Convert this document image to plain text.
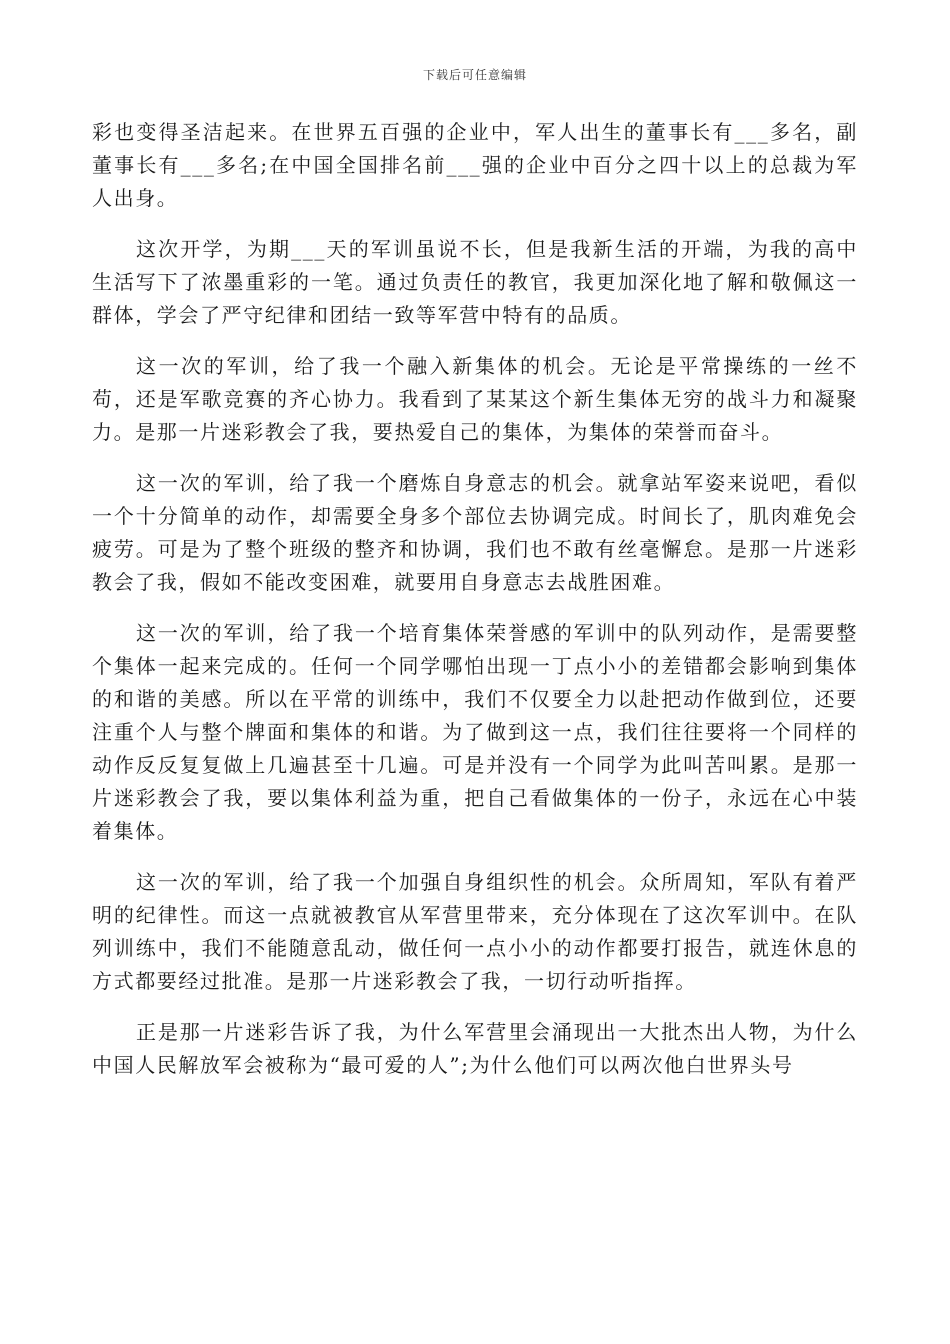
下载后可任意编辑

彩也变得圣洁起来。在世界五百强的企业中，军人出生的董事长有___多名，副董事长有___多名;在中国全国排名前___强的企业中百分之四十以上的总裁为军人出身。

这次开学，为期___天的军训虽说不长，但是我新生活的开端，为我的高中生活写下了浓墨重彩的一笔。通过负责任的教官，我更加深化地了解和敬佩这一群体，学会了严守纪律和团结一致等军营中特有的品质。

这一次的军训，给了我一个融入新集体的机会。无论是平常操练的一丝不苟，还是军歌竞赛的齐心协力。我看到了某某这个新生集体无穷的战斗力和凝聚力。是那一片迷彩教会了我，要热爱自己的集体，为集体的荣誉而奋斗。

这一次的军训，给了我一个磨炼自身意志的机会。就拿站军姿来说吧，看似一个十分简单的动作，却需要全身多个部位去协调完成。时间长了，肌肉难免会疲劳。可是为了整个班级的整齐和协调，我们也不敢有丝毫懈怠。是那一片迷彩教会了我，假如不能改变困难，就要用自身意志去战胜困难。

这一次的军训，给了我一个培育集体荣誉感的军训中的队列动作，是需要整个集体一起来完成的。任何一个同学哪怕出现一丁点小小的差错都会影响到集体的和谐的美感。所以在平常的训练中，我们不仅要全力以赴把动作做到位，还要注重个人与整个牌面和集体的和谐。为了做到这一点，我们往往要将一个同样的动作反反复复做上几遍甚至十几遍。可是并没有一个同学为此叫苦叫累。是那一片迷彩教会了我，要以集体利益为重，把自己看做集体的一份子，永远在心中装着集体。

这一次的军训，给了我一个加强自身组织性的机会。众所周知，军队有着严明的纪律性。而这一点就被教官从军营里带来，充分体现在了这次军训中。在队列训练中，我们不能随意乱动，做任何一点小小的动作都要打报告，就连休息的方式都要经过批准。是那一片迷彩教会了我，一切行动听指挥。

正是那一片迷彩告诉了我，为什么军营里会涌现出一大批杰出人物，为什么中国人民解放军会被称为“最可爱的人”;为什么他们可以两次他白世界头号
